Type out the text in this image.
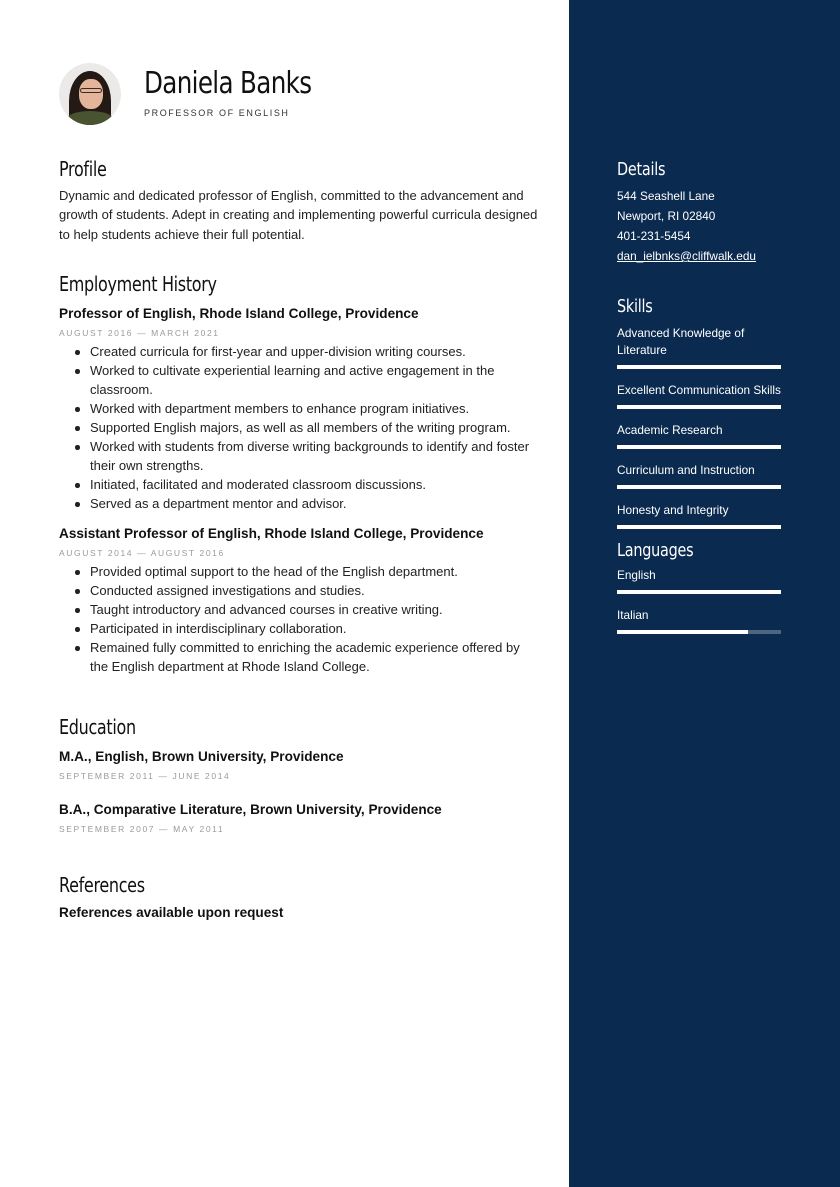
Daniela Banks
PROFESSOR OF ENGLISH
Profile
Dynamic and dedicated professor of English, committed to the advancement and growth of students. Adept in creating and implementing powerful curricula designed to help students achieve their full potential.
Employment History
Professor of English, Rhode Island College, Providence
AUGUST 2016 — MARCH 2021
Created curricula for first-year and upper-division writing courses.
Worked to cultivate experiential learning and active engagement in the classroom.
Worked with department members to enhance program initiatives.
Supported English majors, as well as all members of the writing program.
Worked with students from diverse writing backgrounds to identify and foster their own strengths.
Initiated, facilitated and moderated classroom discussions.
Served as a department mentor and advisor.
Assistant Professor of English, Rhode Island College, Providence
AUGUST 2014 — AUGUST 2016
Provided optimal support to the head of the English department.
Conducted assigned investigations and studies.
Taught introductory and advanced courses in creative writing.
Participated in interdisciplinary collaboration.
Remained fully committed to enriching the academic experience offered by the English department at Rhode Island College.
Education
M.A., English, Brown University, Providence
SEPTEMBER 2011 — JUNE 2014
B.A., Comparative Literature, Brown University, Providence
SEPTEMBER 2007 — MAY 2011
References
References available upon request
Details
544 Seashell Lane
Newport, RI 02840
401-231-5454
dan_ielbnks@cliffwalk.edu
Skills
Advanced Knowledge of Literature
Excellent Communication Skills
Academic Research
Curriculum and Instruction
Honesty and Integrity
Languages
English
Italian
